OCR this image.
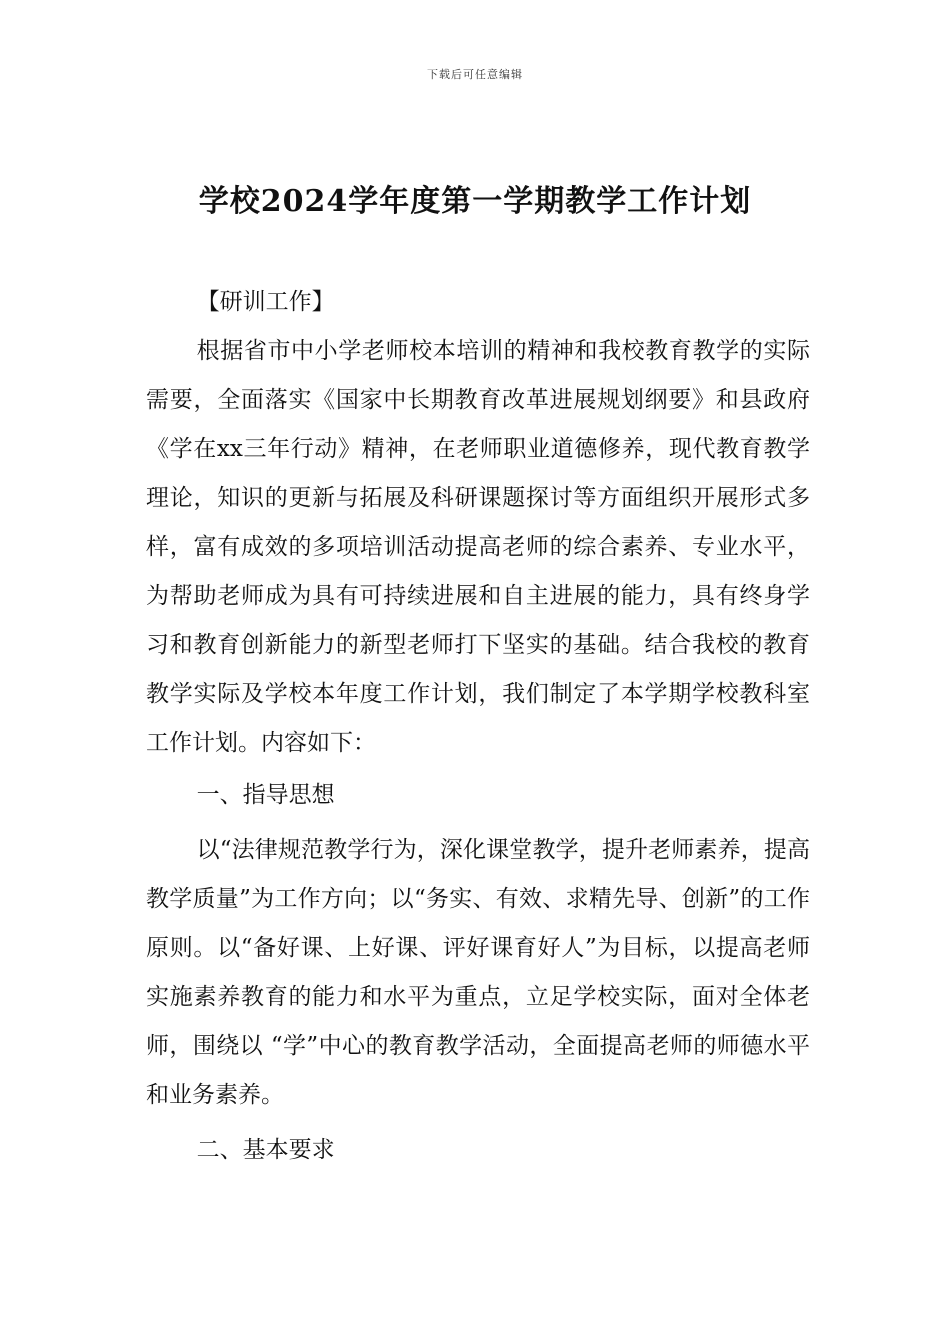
下载后可任意编辑
学校2024学年度第一学期教学工作计划

【研训工作】

根据省市中小学老师校本培训的精神和我校教育教学的实际需要，全面落实《国家中长期教育改革进展规划纲要》和县政府《学在xx三年行动》精神，在老师职业道德修养，现代教育教学理论，知识的更新与拓展及科研课题探讨等方面组织开展形式多样，富有成效的多项培训活动提高老师的综合素养、专业水平，为帮助老师成为具有可持续进展和自主进展的能力，具有终身学习和教育创新能力的新型老师打下坚实的基础。结合我校的教育教学实际及学校本年度工作计划，我们制定了本学期学校教科室工作计划。内容如下：

一、指导思想

以“法律规范教学行为，深化课堂教学，提升老师素养，提高教学质量”为工作方向；以“务实、有效、求精先导、创新”的工作原则。以“备好课、上好课、评好课育好人”为目标，以提高老师实施素养教育的能力和水平为重点，立足学校实际，面对全体老师，围绕以 “学”中心的教育教学活动，全面提高老师的师德水平和业务素养。

二、基本要求
